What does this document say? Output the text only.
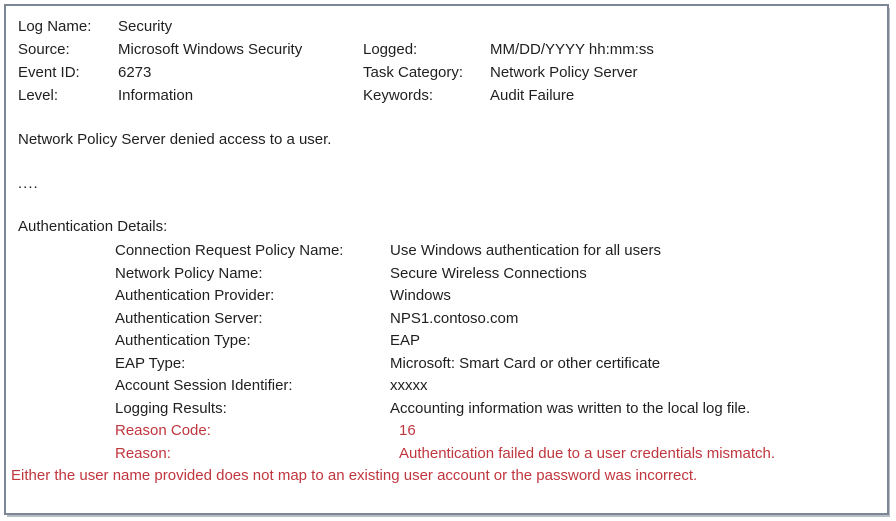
Log Name:	Security
Source:	Microsoft Windows Security	Logged:	MM/DD/YYYY hh:mm:ss
Event ID:	6273	Task Category:	Network Policy Server
Level:	Information	Keywords:	Audit Failure

Network Policy Server denied access to a user.

....

Authentication Details:

Connection Request Policy Name:	Use Windows authentication for all users
Network Policy Name:	Secure Wireless Connections
Authentication Provider:	Windows
Authentication Server:	NPS1.contoso.com
Authentication Type:	EAP
EAP Type:	Microsoft: Smart Card or other certificate
Account Session Identifier:	xxxxx
Logging Results:	Accounting information was written to the local log file.
Reason Code:	16
Reason:	Authentication failed due to a user credentials mismatch.

Either the user name provided does not map to an existing user account or the password was incorrect.
